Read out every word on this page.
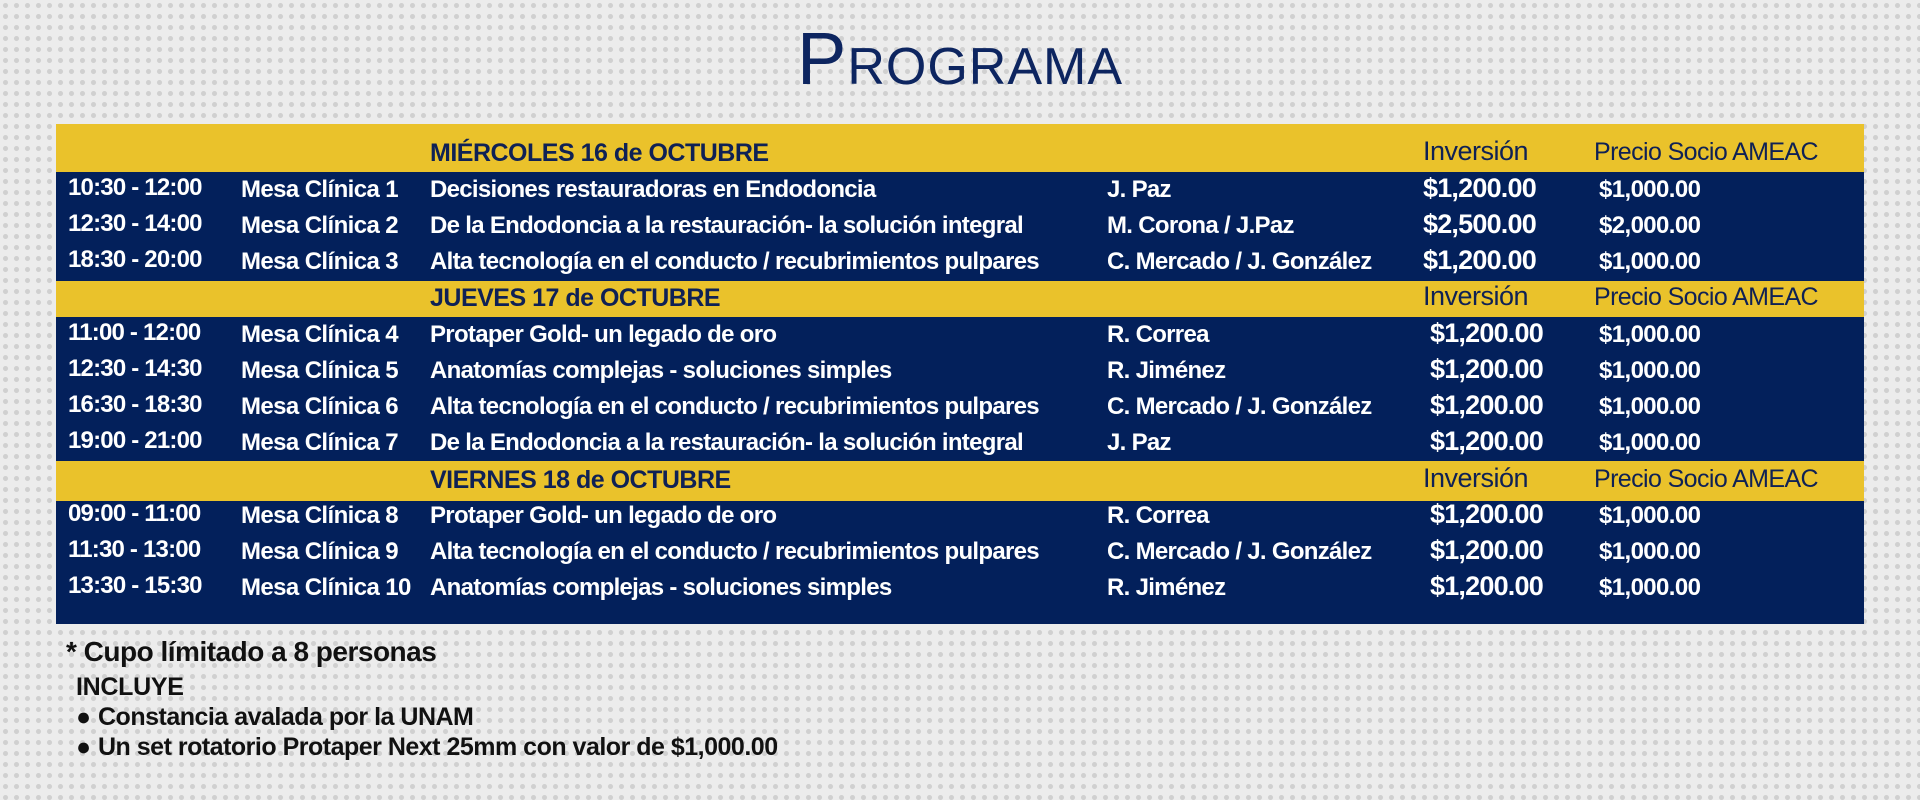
Programa
MIÉRCOLES 16 de OCTUBRE	Inversión	Precio Socio AMEAC
10:30 - 12:00 Mesa Clínica 1 Decisiones restauradoras en Endodoncia	J. Paz	$1,200.00	$1,000.00
12:30 - 14:00 Mesa Clínica 2 De la Endodoncia a la restauración- la solución integral	M. Corona / J.Paz	$2,500.00	$2,000.00
18:30 - 20:00 Mesa Clínica 3 Alta tecnología en el conducto / recubrimientos pulpares	C. Mercado / J. González $1,200.00	$1,000.00
JUEVES 17 de OCTUBRE	Inversión	Precio Socio AMEAC
11:00 - 12:00 Mesa Clínica 4 Protaper Gold- un legado de oro	R. Correa	$1,200.00 $1,000.00
12:30 - 14:30 Mesa Clínica 5 Anatomías complejas - soluciones simples	R. Jiménez	$1,200.00 $1,000.00
16:30 - 18:30 Mesa Clínica 6 Alta tecnología en el conducto / recubrimientos pulpares	C. Mercado / J. González $1,200.00 $1,000.00
19:00 - 21:00 Mesa Clínica 7 De la Endodoncia a la restauración- la solución integral	J. Paz	$1,200.00 $1,000.00
VIERNES 18 de OCTUBRE	Inversión	Precio Socio AMEAC
09:00 - 11:00 Mesa Clínica 8 Protaper Gold- un legado de oro	R. Correa	$1,200.00 $1,000.00
11:30 - 13:00 Mesa Clínica 9 Alta tecnología en el conducto / recubrimientos pulpares	C. Mercado / J. González $1,200.00 $1,000.00
13:30 - 15:30 Mesa Clínica 10 Anatomías complejas - soluciones simples	R. Jiménez	$1,200.00 $1,000.00
* Cupo límitado a 8 personas
INCLUYE
● Constancia avalada por la UNAM
● Un set rotatorio Protaper Next 25mm con valor de $1,000.00
